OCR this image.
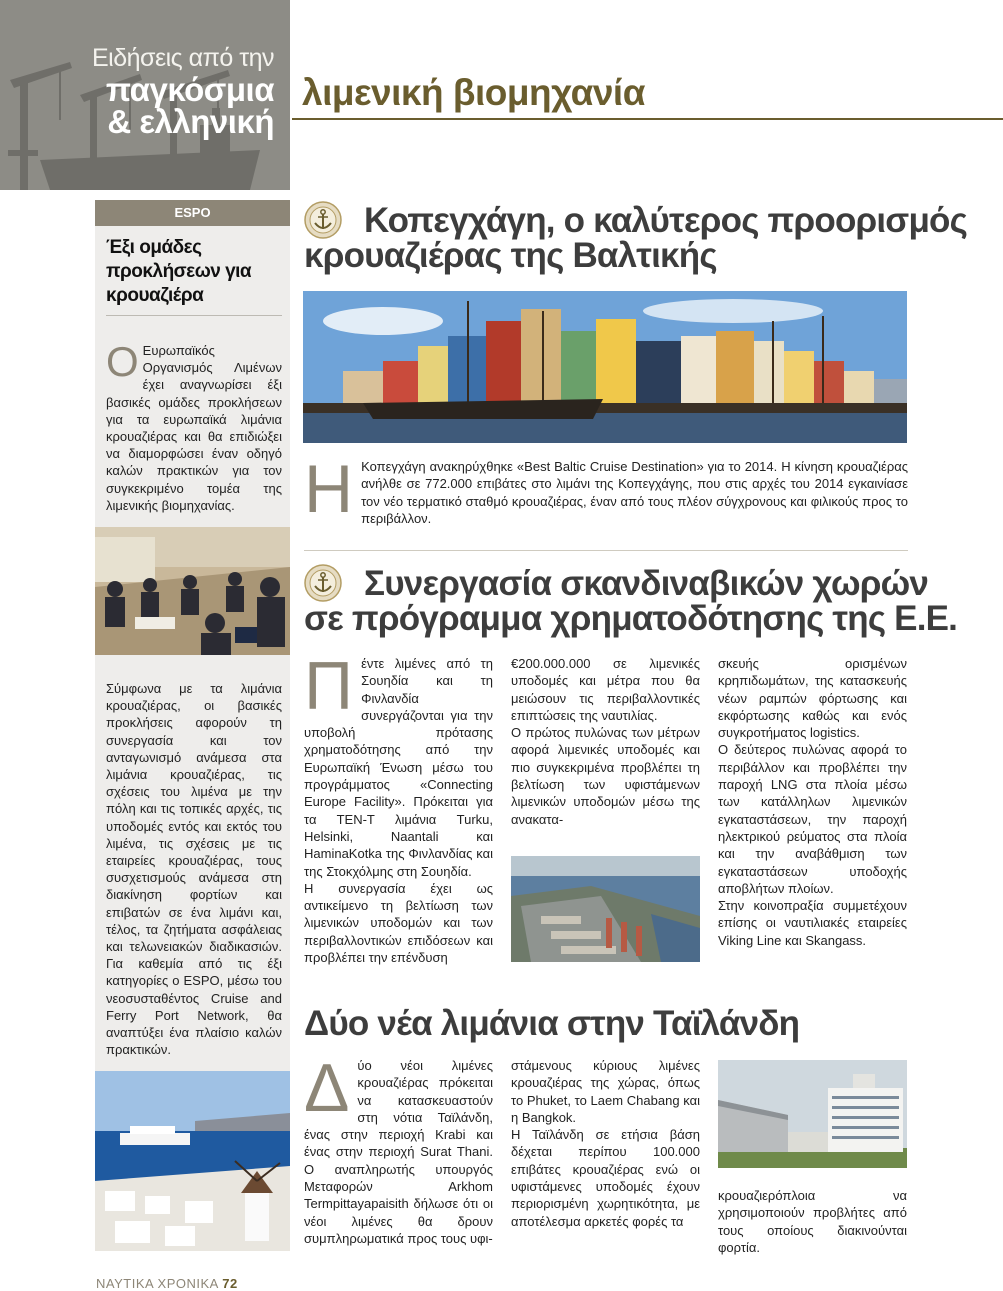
Ειδήσεις από την
παγκόσμια
& ελληνική
λιμενική βιομηχανία
ESPO
Έξι ομάδες προκλήσεων για κρουαζιέρα
Ο Ευρωπαϊκός Οργανισμός Λιμένων έχει αναγνωρίσει έξι βασικές ομάδες προκλήσεων για τα ευρωπαϊκά λιμάνια κρουαζιέρας και θα επιδιώξει να διαμορφώσει έναν οδηγό καλών πρακτικών για τον συγκεκριμένο τομέα της λιμενικής βιομηχανίας.
Σύμφωνα με τα λιμάνια κρουαζιέρας, οι βασικές προκλήσεις αφορούν τη συνεργασία και τον ανταγωνισμό ανάμεσα στα λιμάνια κρουαζιέρας, τις σχέσεις του λιμένα με την πόλη και τις τοπικές αρχές, τις υποδομές εντός και εκτός του λιμένα, τις σχέσεις με τις εταιρείες κρουαζιέρας, τους συσχετισμούς ανάμεσα στη διακίνηση φορτίων και επιβατών σε ένα λιμάνι και, τέλος, τα ζητήματα ασφάλειας και τελωνειακών διαδικασιών. Για καθεμία από τις έξι κατηγορίες ο ESPO, μέσω του νεοσυσταθέντος Cruise and Ferry Port Network, θα αναπτύξει ένα πλαίσιο καλών πρακτικών.
Κοπεγχάγη, ο καλύτερος προορισμός
κρουαζιέρας της Βαλτικής
Η Κοπεγχάγη ανακηρύχθηκε «Best Baltic Cruise Destination» για το 2014. Η κίνηση κρουαζιέρας ανήλθε σε 772.000 επιβάτες στο λιμάνι της Κοπεγχάγης, που στις αρχές του 2014 εγκαινίασε τον νέο τερματικό σταθμό κρουαζιέρας, έναν από τους πλέον σύγχρονους και φιλικούς προς το περιβάλλον.
Συνεργασία σκανδιναβικών χωρών
σε πρόγραμμα χρηματοδότησης της Ε.Ε.
Π έντε λιμένες από τη Σουηδία και τη Φινλανδία συνεργάζονται για την υποβολή πρότασης χρηματοδότησης από την Ευρωπαϊκή Ένωση μέσω του προγράμματος «Connecting Europe Facility». Πρόκειται για τα ΤΕΝ-Τ λιμάνια Turku, Helsinki, Naantali και HaminaKotka της Φινλανδίας και της Στοκχόλμης στη Σουηδία.
Η συνεργασία έχει ως αντικείμενο τη βελτίωση των λιμενικών υποδομών και των περιβαλλοντικών επιδόσεων και προβλέπει την επένδυση
€200.000.000 σε λιμενικές υποδομές και μέτρα που θα μειώσουν τις περιβαλλοντικές επιπτώσεις της ναυτιλίας.
Ο πρώτος πυλώνας των μέτρων αφορά λιμενικές υποδομές και πιο συγκεκριμένα προβλέπει τη βελτίωση των υφιστάμενων λιμενικών υποδομών μέσω της ανακατα-
σκευής ορισμένων κρηπιδωμάτων, της κατασκευής νέων ραμπών φόρτωσης και εκφόρτωσης καθώς και ενός συγκροτήματος logistics.
Ο δεύτερος πυλώνας αφορά το περιβάλλον και προβλέπει την παροχή LNG στα πλοία μέσω των κατάλληλων λιμενικών εγκαταστάσεων, την παροχή ηλεκτρικού ρεύματος στα πλοία και την αναβάθμιση των εγκαταστάσεων υποδοχής αποβλήτων πλοίων.
Στην κοινοπραξία συμμετέχουν επίσης οι ναυτιλιακές εταιρείες Viking Line και Skangass.
Δύο νέα λιμάνια στην Ταϊλάνδη
Δ ύο νέοι λιμένες κρουαζιέρας πρόκειται να κατασκευαστούν στη νότια Ταϊλάνδη, ένας στην περιοχή Krabi και ένας στην περιοχή Surat Thani. Ο αναπληρωτής υπουργός Μεταφορών Arkhom Termpittayapaisith δήλωσε ότι οι νέοι λιμένες θα δρουν συμπληρωματικά προς τους υφι-
στάμενους κύριους λιμένες κρουαζιέρας της χώρας, όπως το Phuket, το Laem Chabang και η Bangkok.
Η Ταϊλάνδη σε ετήσια βάση δέχεται περίπου 100.000 επιβάτες κρουαζιέρας ενώ οι υφιστάμενες υποδομές έχουν περιορισμένη χωρητικότητα, με αποτέλεσμα αρκετές φορές τα
κρουαζιερόπλοια να χρησιμοποιούν προβλήτες από τους οποίους διακινούνται φορτία.
ΝΑΥΤΙΚΑ ΧΡΟΝΙΚΑ 72
